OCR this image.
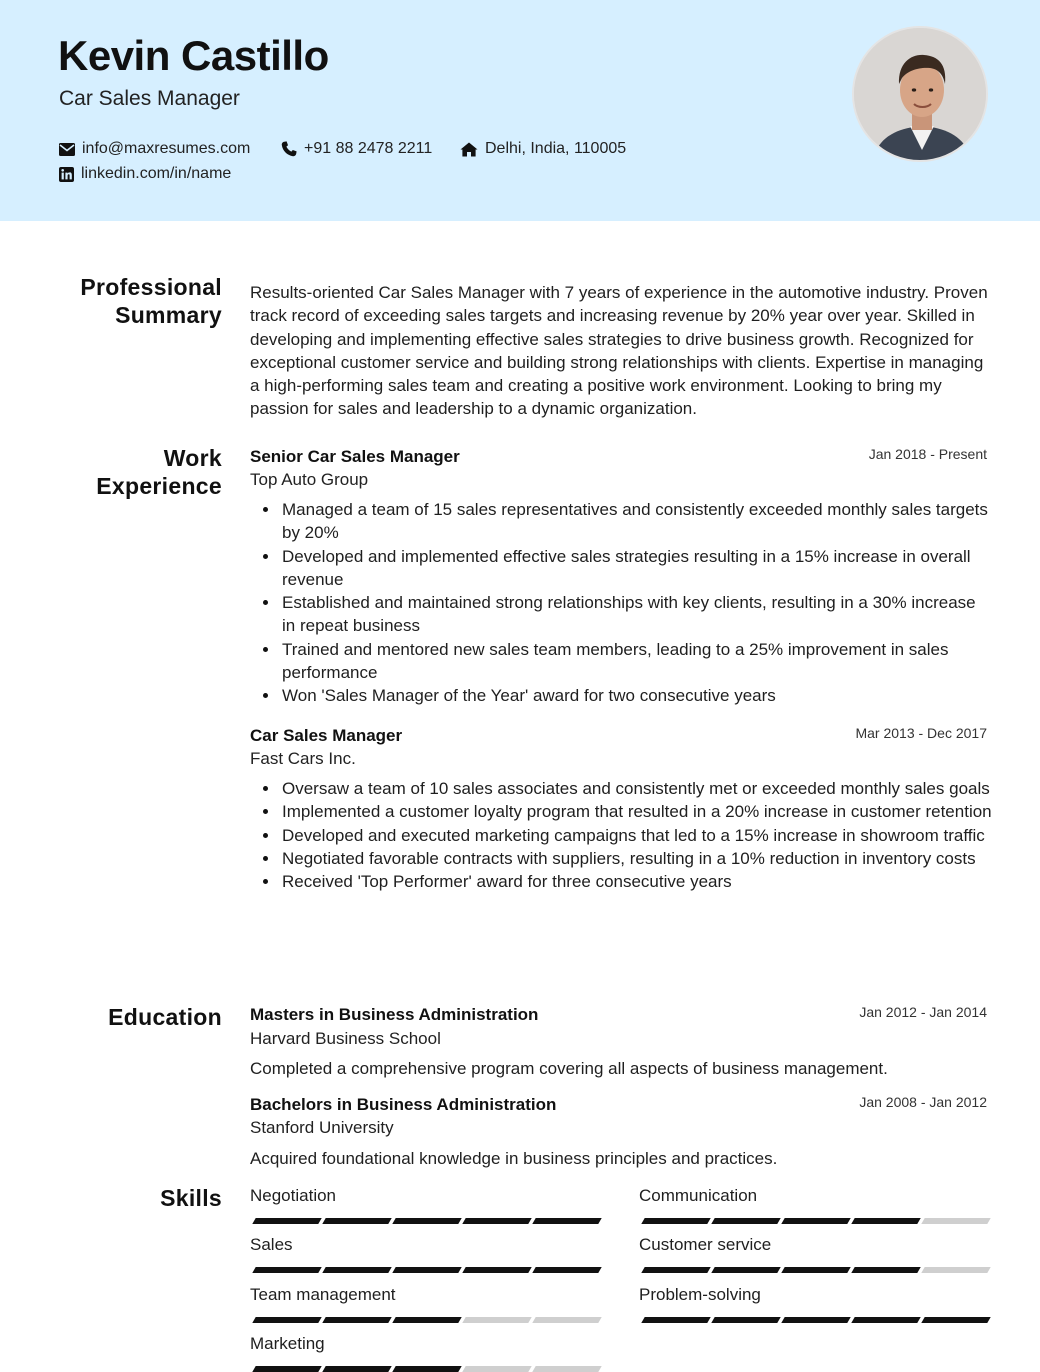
Kevin Castillo
Car Sales Manager
info@maxresumes.com	+91 88 2478 2211	Delhi, India, 110005
linkedin.com/in/name
Professional
Summary
Results-oriented Car Sales Manager with 7 years of experience in the automotive industry. Proven track record of exceeding sales targets and increasing revenue by 20% year over year. Skilled in developing and implementing effective sales strategies to drive business growth. Recognized for exceptional customer service and building strong relationships with clients. Expertise in managing a high-performing sales team and creating a positive work environment. Looking to bring my passion for sales and leadership to a dynamic organization.
Work
Experience
Senior Car Sales Manager	Jan 2018 - Present
Top Auto Group
Managed a team of 15 sales representatives and consistently exceeded monthly sales targets by 20%
Developed and implemented effective sales strategies resulting in a 15% increase in overall revenue
Established and maintained strong relationships with key clients, resulting in a 30% increase in repeat business
Trained and mentored new sales team members, leading to a 25% improvement in sales performance
Won 'Sales Manager of the Year' award for two consecutive years
Car Sales Manager	Mar 2013 - Dec 2017
Fast Cars Inc.
Oversaw a team of 10 sales associates and consistently met or exceeded monthly sales goals
Implemented a customer loyalty program that resulted in a 20% increase in customer retention
Developed and executed marketing campaigns that led to a 15% increase in showroom traffic
Negotiated favorable contracts with suppliers, resulting in a 10% reduction in inventory costs
Received 'Top Performer' award for three consecutive years
Education Masters in Business Administration	Jan 2012 - Jan 2014
Harvard Business School
Completed a comprehensive program covering all aspects of business management.
Bachelors in Business Administration	Jan 2008 - Jan 2012
Stanford University
Acquired foundational knowledge in business principles and practices.
Skills Negotiation	Communication
Sales	Customer service
Team management	Problem-solving
Marketing
